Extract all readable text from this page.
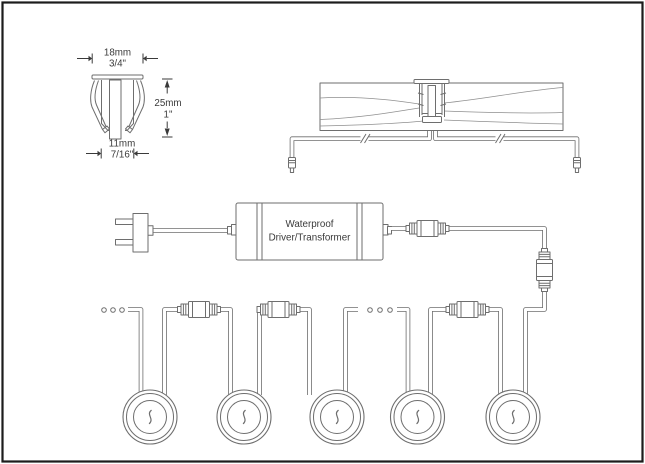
18mm
3/4"
25mm
1"
11mm
7/16"
Waterproof
Driver/Transformer
